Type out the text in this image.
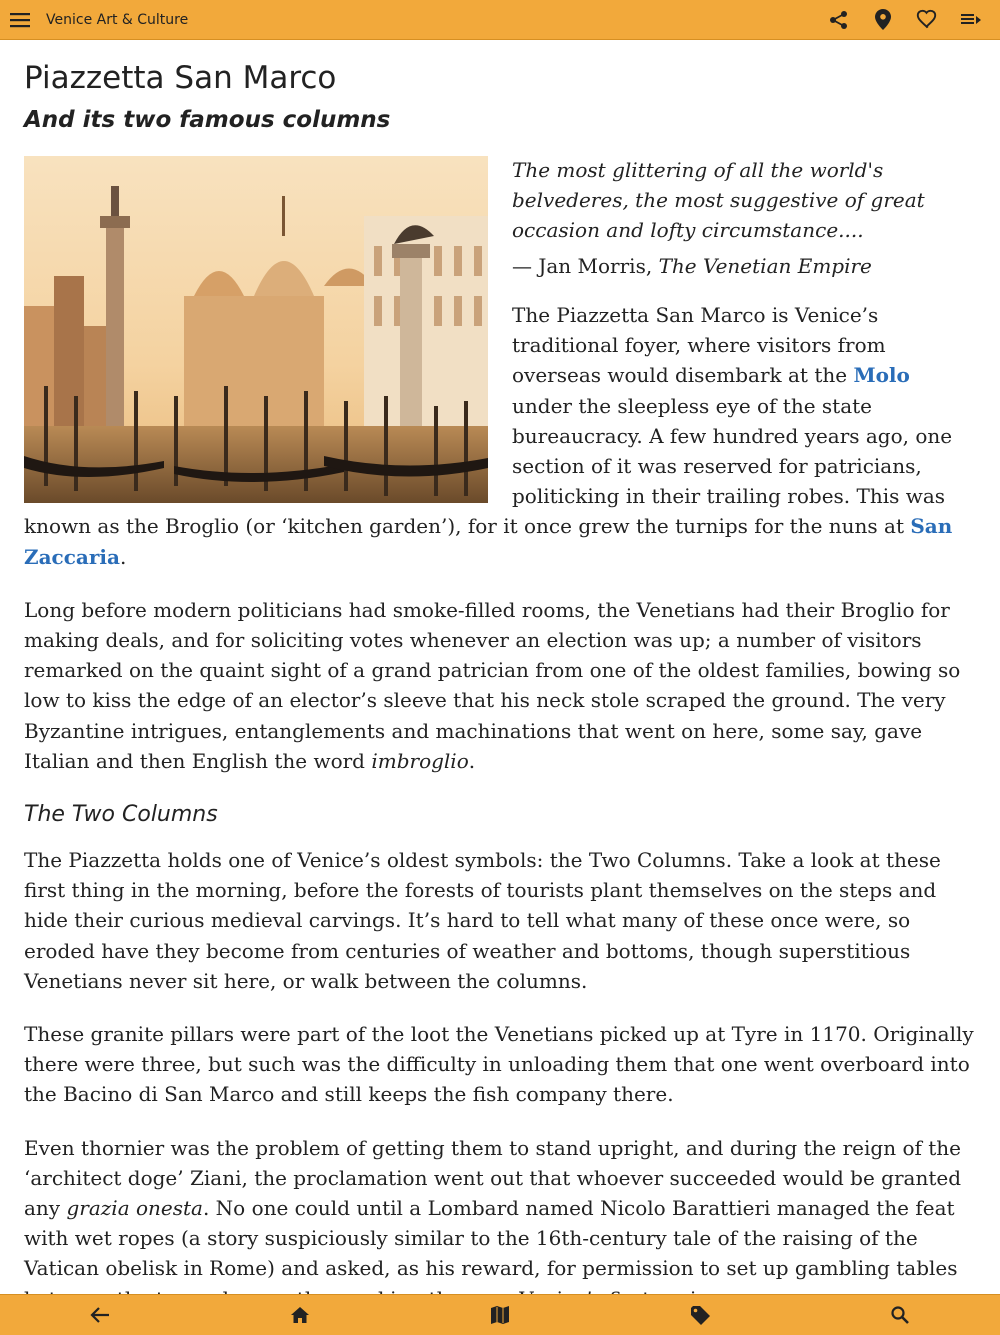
Venice Art & Culture
Piazzetta San Marco
And its two famous columns

The most glittering of all the world's belvederes, the most suggestive of great occasion and lofty circumstance....

— Jan Morris, The Venetian Empire

The Piazzetta San Marco is Venice’s traditional foyer, where visitors from overseas would disembark at the Molo under the sleepless eye of the state bureaucracy. A few hundred years ago, one section of it was reserved for patricians, politicking in their trailing robes. This was known as the Broglio (or ‘kitchen garden’), for it once grew the turnips for the nuns at San Zaccaria.

Long before modern politicians had smoke-filled rooms, the Venetians had their Broglio for making deals, and for soliciting votes whenever an election was up; a number of visitors remarked on the quaint sight of a grand patrician from one of the oldest families, bowing so low to kiss the edge of an elector’s sleeve that his neck stole scraped the ground. The very Byzantine intrigues, entanglements and machinations that went on here, some say, gave Italian and then English the word imbroglio.

The Two Columns

The Piazzetta holds one of Venice’s oldest symbols: the Two Columns. Take a look at these first thing in the morning, before the forests of tourists plant themselves on the steps and hide their curious medieval carvings. It’s hard to tell what many of these once were, so eroded have they become from centuries of weather and bottoms, though superstitious Venetians never sit here, or walk between the columns.

These granite pillars were part of the loot the Venetians picked up at Tyre in 1170. Originally there were three, but such was the difficulty in unloading them that one went overboard into the Bacino di San Marco and still keeps the fish company there.

Even thornier was the problem of getting them to stand upright, and during the reign of the ‘architect doge’ Ziani, the proclamation went out that whoever succeeded would be granted any grazia onesta. No one could until a Lombard named Nicolo Barattieri managed the feat with wet ropes (a story suspiciously similar to the 16th-century tale of the raising of the Vatican obelisk in Rome) and asked, as his reward, for permission to set up gambling tables
